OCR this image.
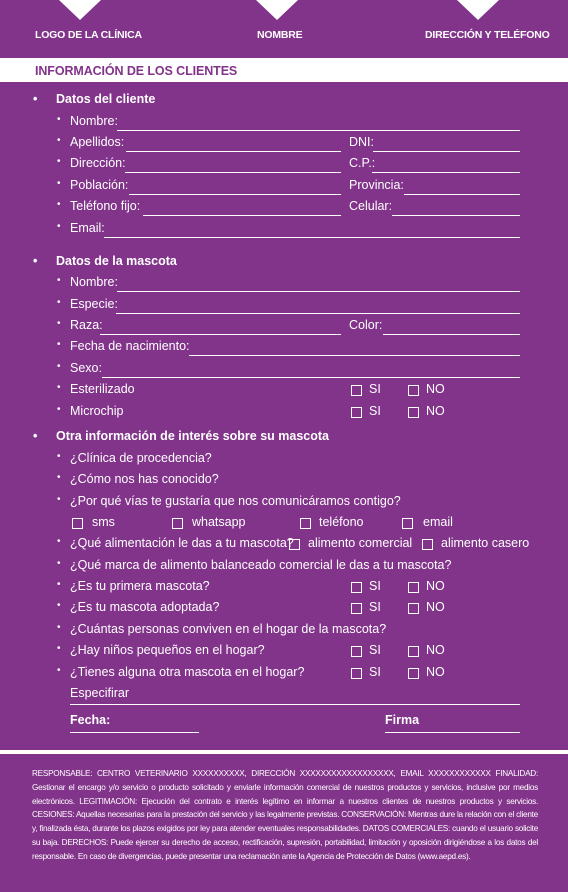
LOGO DE LA CLÍNICA	NOMBRE	DIRECCIÓN Y TELÉFONO
INFORMACIÓN DE LOS CLIENTES
• Datos del cliente
• Nombre:
• Apellidos:	DNI:
• Dirección:	C.P.:
• Población:	Provincia:
• Teléfono fijo:	Celular:
• Email:
• Datos de la mascota
• Nombre:
• Especie:
• Raza:	Color:
• Fecha de nacimiento:
• Sexo:
• Esterilizado	SI	NO
• Microchip	SI	NO
• Otra información de interés sobre su mascota
• ¿Clínica de procedencia?
• ¿Cómo nos has conocido?
• ¿Por qué vías te gustaría que nos comunicáramos contigo?
sms	whatsapp	teléfono	email
• ¿Qué alimentación le das a tu mascota? alimento comercial alimento casero
• ¿Qué marca de alimento balanceado comercial le das a tu mascota?
• ¿Es tu primera mascota?	SI	NO
• ¿Es tu mascota adoptada?	SI	NO
• ¿Cuántas personas conviven en el hogar de la mascota?
• ¿Hay niños pequeños en el hogar?	SI	NO
• ¿Tienes alguna otra mascota en el hogar?	SI	NO
Especifirar
Fecha:	Firma
RESPONSABLE: CENTRO VETERINARIO XXXXXXXXXX, DIRECCIÓN XXXXXXXXXXXXXXXXXX, EMAIL XXXXXXXXXXXX FINALIDAD: Gestionar el encargo y/o servicio o producto solicitado y enviarle información comercial de nuestros productos y servicios, inclusive por medios electrónicos. LEGITIMACIÓN: Ejecución del contrato e interés legítimo en informar a nuestros clientes de nuestros productos y servicios. CESIONES: Aquellas necesarias para la prestación del servicio y las legalmente previstas. CONSERVACIÓN: Mientras dure la relación con el cliente y, finalizada ésta, durante los plazos exigidos por ley para atender eventuales responsabilidades. DATOS COMERCIALES: cuando el usuario solicite su baja. DERECHOS: Puede ejercer su derecho de acceso, rectificación, supresión, portabilidad, limitación y oposición dirigiéndose a los datos del responsable. En caso de divergencias, puede presentar una reclamación ante la Agencia de Protección de Datos (www.aepd.es).
